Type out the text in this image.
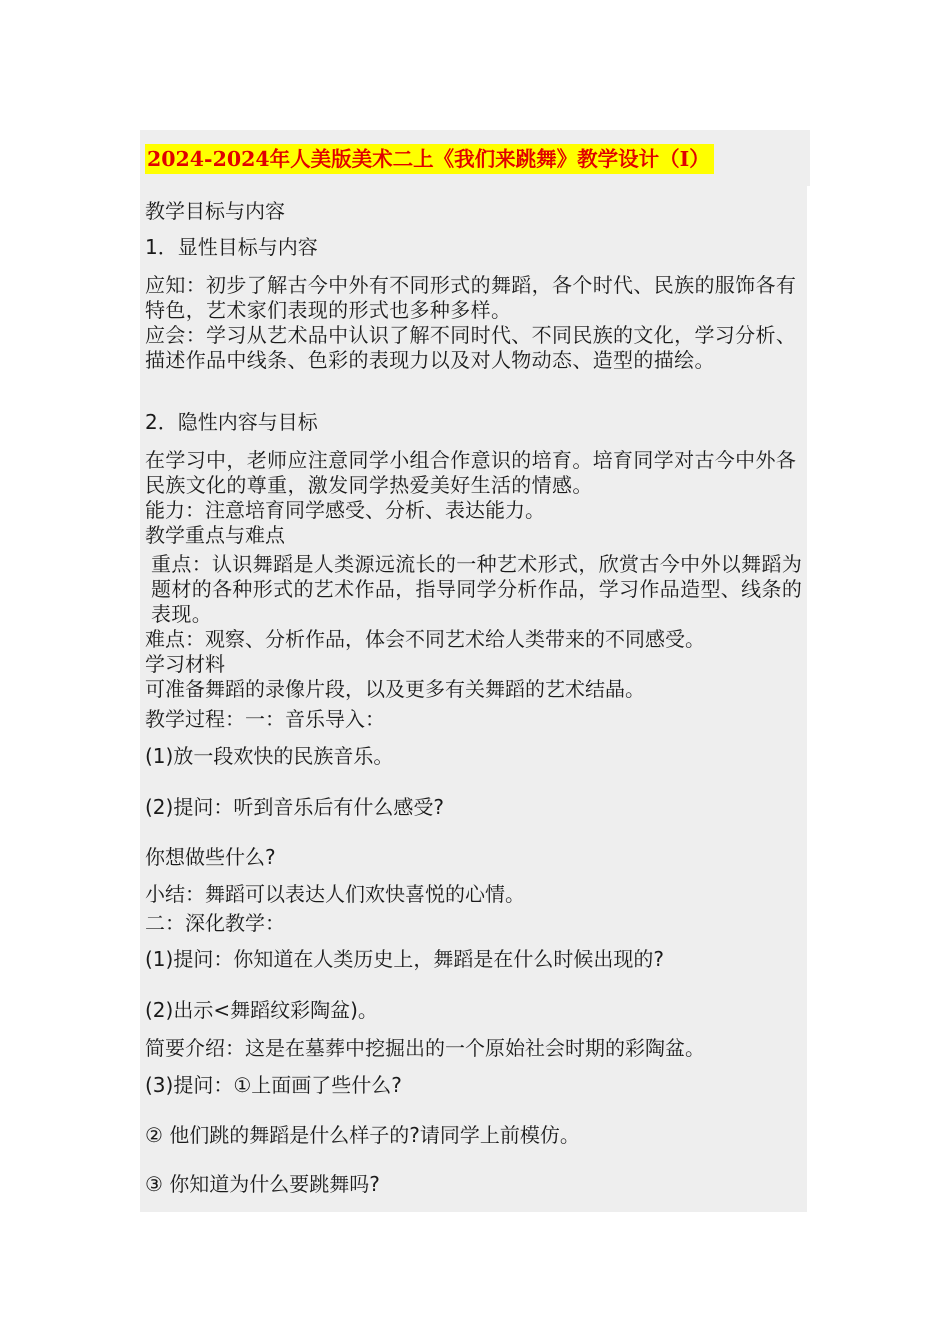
2024-2024年人美版美术二上《我们来跳舞》教学设计（I）
教学目标与内容
1．显性目标与内容
应知：初步了解古今中外有不同形式的舞蹈，各个时代、民族的服饰各有特色，艺术家们表现的形式也多种多样。
应会：学习从艺术品中认识了解不同时代、不同民族的文化，学习分析、描述作品中线条、色彩的表现力以及对人物动态、造型的描绘。
2．隐性内容与目标
在学习中，老师应注意同学小组合作意识的培育。培育同学对古今中外各民族文化的尊重，激发同学热爱美好生活的情感。
能力：注意培育同学感受、分析、表达能力。
教学重点与难点
重点：认识舞蹈是人类源远流长的一种艺术形式，欣赏古今中外以舞蹈为题材的各种形式的艺术作品，指导同学分析作品，学习作品造型、线条的表现。
难点：观察、分析作品，体会不同艺术给人类带来的不同感受。
学习材料
可准备舞蹈的录像片段，以及更多有关舞蹈的艺术结晶。
教学过程：一：音乐导入：
(1)放一段欢快的民族音乐。
(2)提问：听到音乐后有什么感受?
你想做些什么?
小结：舞蹈可以表达人们欢快喜悦的心情。
二：深化教学：
(1)提问：你知道在人类历史上，舞蹈是在什么时候出现的?
(2)出示<舞蹈纹彩陶盆)。
简要介绍：这是在墓葬中挖掘出的一个原始社会时期的彩陶盆。
(3)提问：①上面画了些什么?
② 他们跳的舞蹈是什么样子的?请同学上前模仿。
③ 你知道为什么要跳舞吗?
